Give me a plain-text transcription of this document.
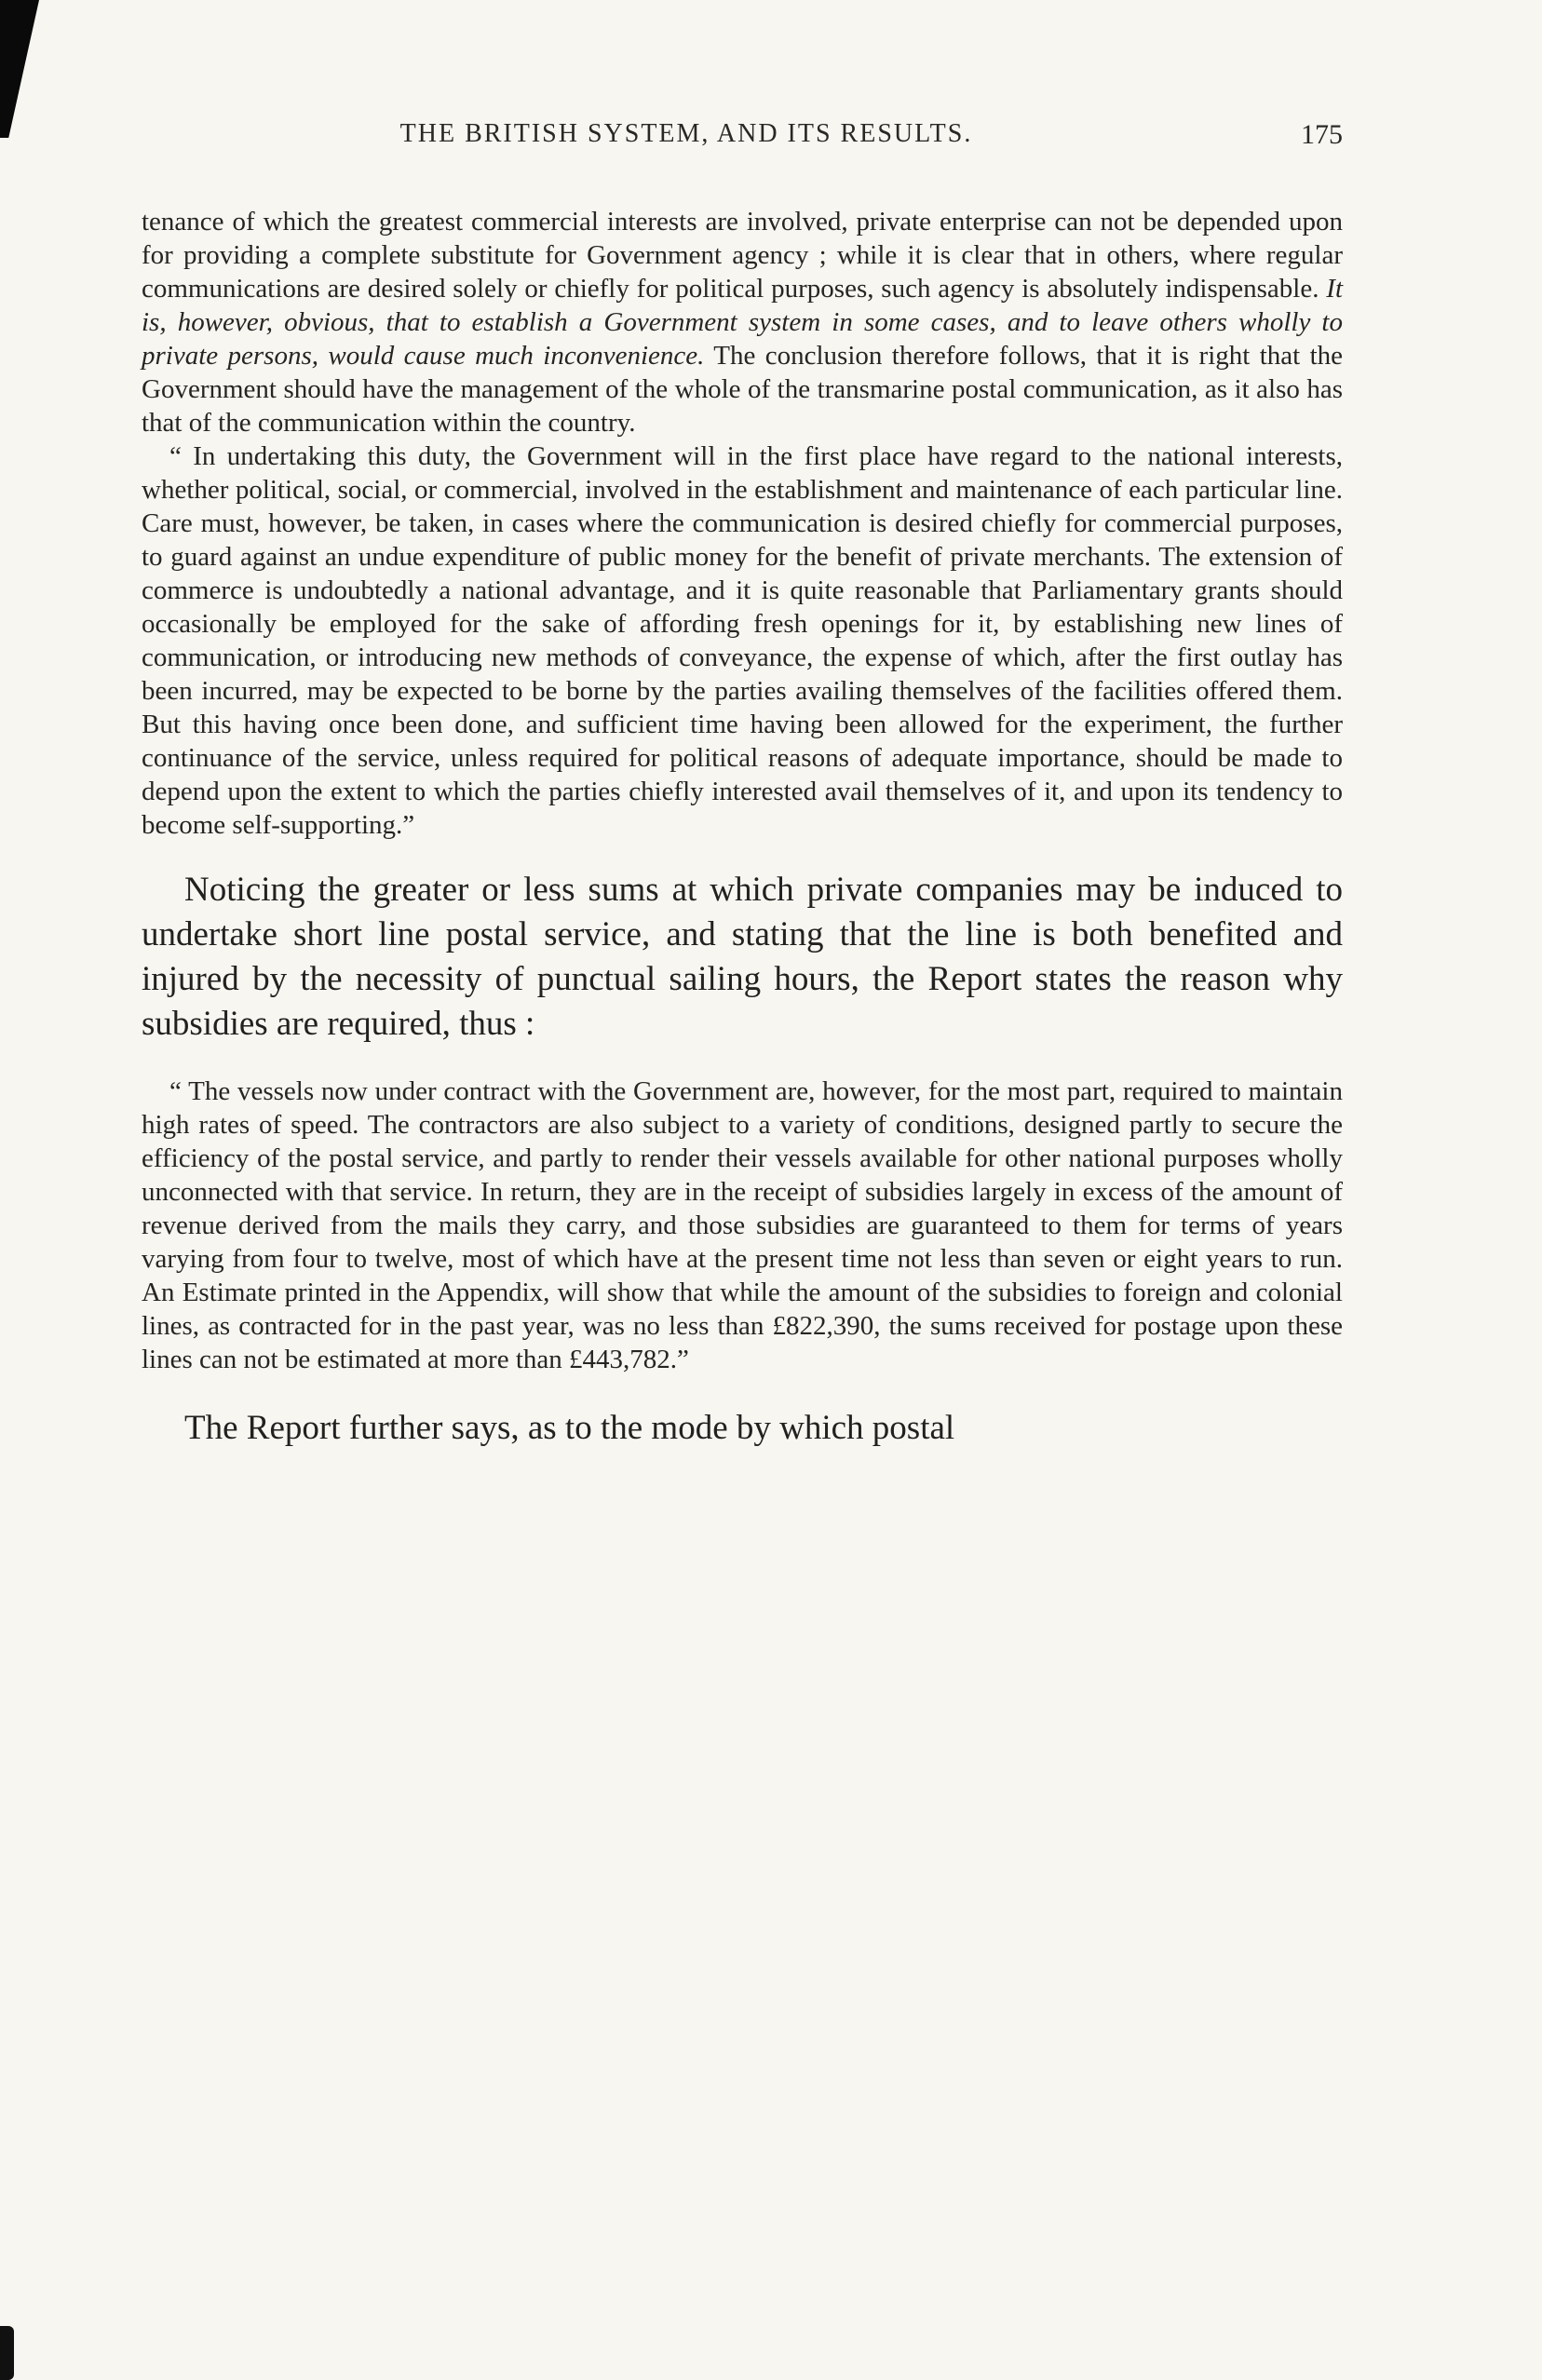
THE BRITISH SYSTEM, AND ITS RESULTS.	175

tenance of which the greatest commercial interests are involved, private enterprise can not be depended upon for providing a complete substitute for Government agency ; while it is clear that in others, where regular communications are desired solely or chiefly for political purposes, such agency is absolutely indispensable. It is, however, obvious, that to establish a Government system in some cases, and to leave others wholly to private persons, would cause much inconvenience. The conclusion therefore follows, that it is right that the Government should have the management of the whole of the transmarine postal communication, as it also has that of the communication within the country.

“ In undertaking this duty, the Government will in the first place have regard to the national interests, whether political, social, or commercial, involved in the establishment and maintenance of each particular line. Care must, however, be taken, in cases where the communication is desired chiefly for commercial purposes, to guard against an undue expenditure of public money for the benefit of private merchants. The extension of commerce is undoubtedly a national advantage, and it is quite reasonable that Parliamentary grants should occasionally be employed for the sake of affording fresh openings for it, by establishing new lines of communication, or introducing new methods of conveyance, the expense of which, after the first outlay has been incurred, may be expected to be borne by the parties availing themselves of the facilities offered them. But this having once been done, and sufficient time having been allowed for the experiment, the further continuance of the service, unless required for political reasons of adequate importance, should be made to depend upon the extent to which the parties chiefly interested avail themselves of it, and upon its tendency to become self-supporting.”

Noticing the greater or less sums at which private companies may be induced to undertake short line postal service, and stating that the line is both benefited and injured by the necessity of punctual sailing hours, the Report states the reason why subsidies are required, thus :

“ The vessels now under contract with the Government are, however, for the most part, required to maintain high rates of speed. The contractors are also subject to a variety of conditions, designed partly to secure the efficiency of the postal service, and partly to render their vessels available for other national purposes wholly unconnected with that service. In return, they are in the receipt of subsidies largely in excess of the amount of revenue derived from the mails they carry, and those subsidies are guaranteed to them for terms of years varying from four to twelve, most of which have at the present time not less than seven or eight years to run. An Estimate printed in the Appendix, will show that while the amount of the subsidies to foreign and colonial lines, as contracted for in the past year, was no less than £822,390, the sums received for postage upon these lines can not be estimated at more than £443,782.”

The Report further says, as to the mode by which postal
